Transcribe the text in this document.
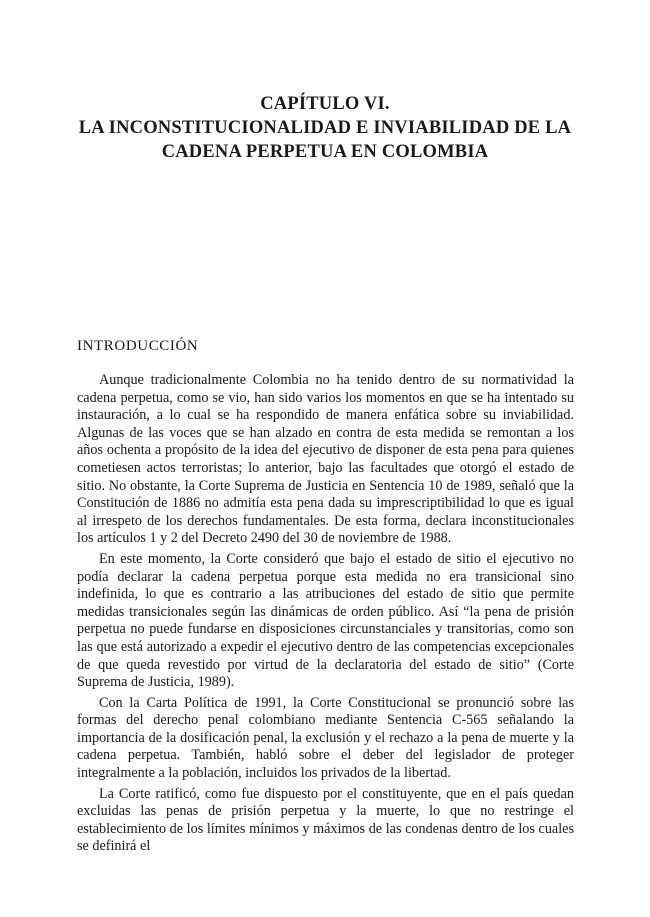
CAPÍTULO VI.
LA INCONSTITUCIONALIDAD E INVIABILIDAD DE LA
CADENA PERPETUA EN COLOMBIA
INTRODUCCIÓN

Aunque tradicionalmente Colombia no ha tenido dentro de su normatividad la cadena perpetua, como se vio, han sido varios los momentos en que se ha intentado su instauración, a lo cual se ha respondido de manera enfática sobre su inviabilidad. Algunas de las voces que se han alzado en contra de esta medida se remontan a los años ochenta a propósito de la idea del ejecutivo de disponer de esta pena para quienes cometiesen actos terroristas; lo anterior, bajo las facultades que otorgó el estado de sitio. No obstante, la Corte Suprema de Justicia en Sentencia 10 de 1989, señaló que la Constitución de 1886 no admitía esta pena dada su imprescriptibilidad lo que es igual al irrespeto de los derechos fundamentales. De esta forma, declara inconstitucionales los artículos 1 y 2 del Decreto 2490 del 30 de noviembre de 1988.

En este momento, la Corte consideró que bajo el estado de sitio el ejecutivo no podía declarar la cadena perpetua porque esta medida no era transicional sino indefinida, lo que es contrario a las atribuciones del estado de sitio que permite medidas transicionales según las dinámicas de orden público. Así “la pena de prisión perpetua no puede fundarse en disposiciones circunstanciales y transitorias, como son las que está autorizado a expedir el ejecutivo dentro de las competencias excepcionales de que queda revestido por virtud de la declaratoria del estado de sitio” (Corte Suprema de Justicia, 1989).

Con la Carta Política de 1991, la Corte Constitucional se pronunció sobre las formas del derecho penal colombiano mediante Sentencia C-565 señalando la importancia de la dosificación penal, la exclusión y el rechazo a la pena de muerte y la cadena perpetua. También, habló sobre el deber del legislador de proteger integralmente a la población, incluidos los privados de la libertad.

La Corte ratificó, como fue dispuesto por el constituyente, que en el país quedan excluidas las penas de prisión perpetua y la muerte, lo que no restringe el establecimiento de los límites mínimos y máximos de las condenas dentro de los cuales se definirá el
